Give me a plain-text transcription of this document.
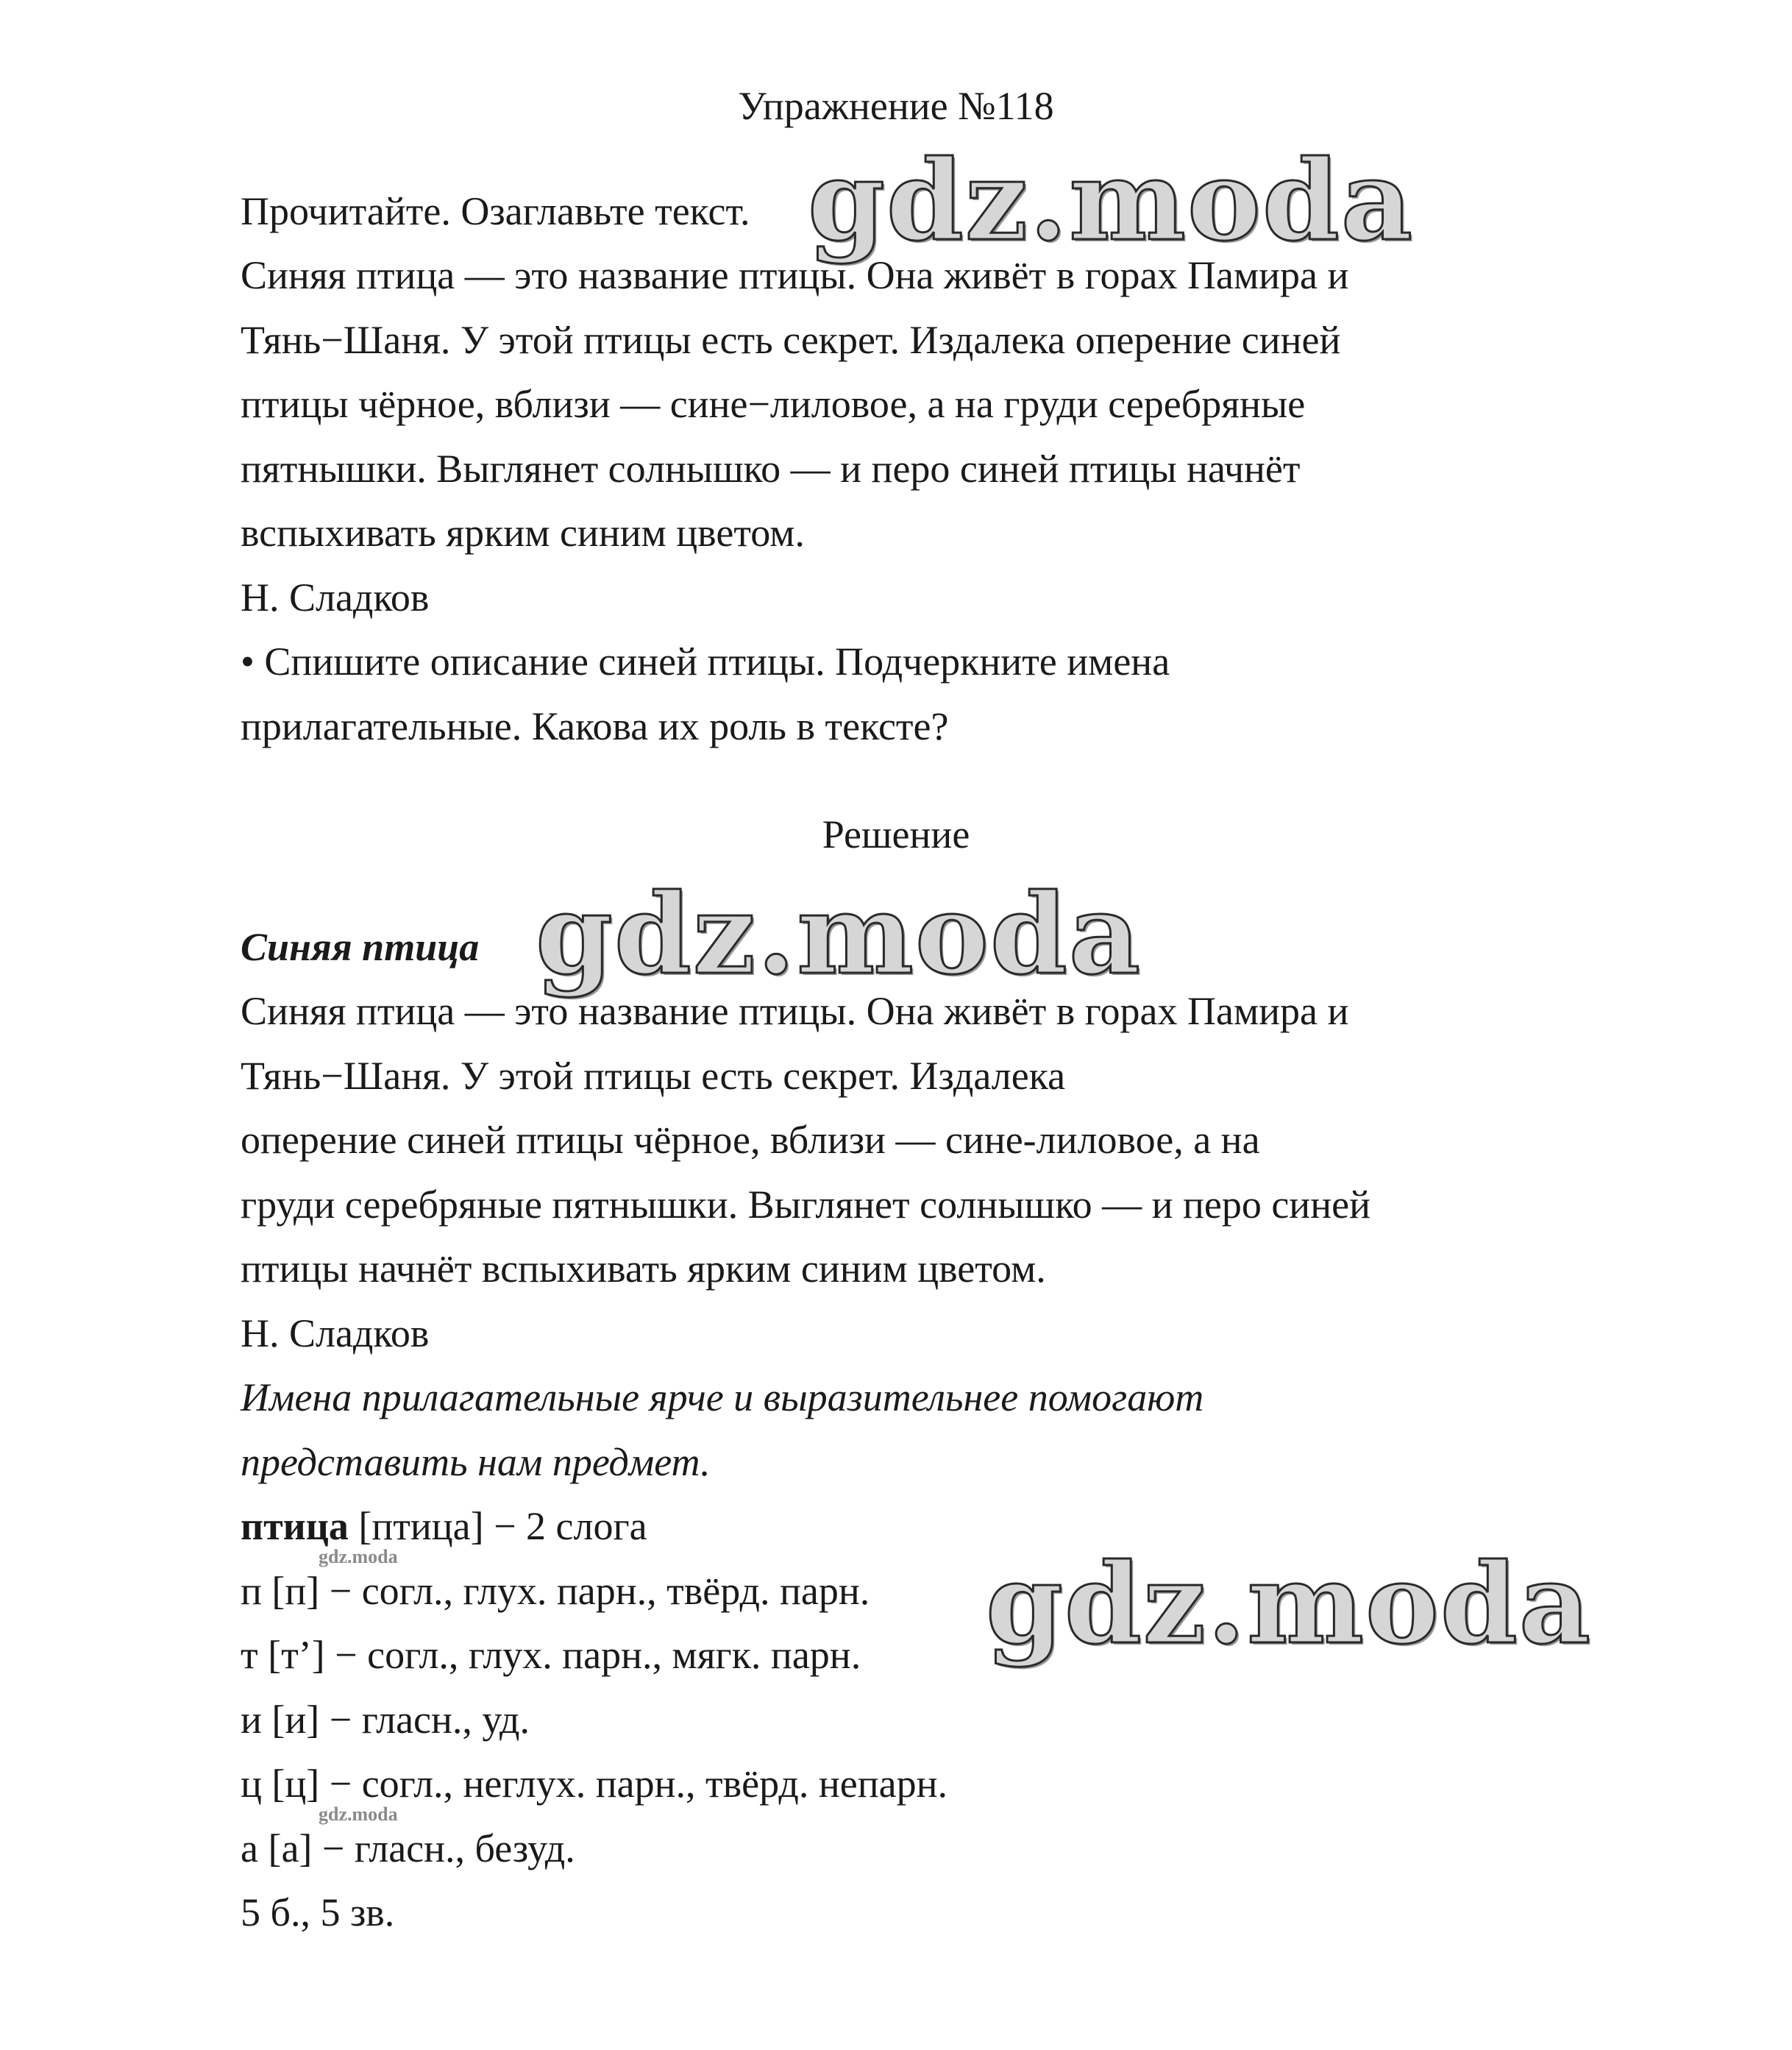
Упражнение №118
Прочитайте. Озаглавьте текст.
Синяя птица — это название птицы. Она живёт в горах Памира и
Тянь−Шаня. У этой птицы есть секрет. Издалека оперение синей
птицы чёрное, вблизи — сине−лиловое, а на груди серебряные
пятнышки. Выглянет солнышко — и перо синей птицы начнёт
вспыхивать ярким синим цветом.
Н. Сладков
• Спишите описание синей птицы. Подчеркните имена
прилагательные. Какова их роль в тексте?
Решение
Синяя птица
Синяя птица — это название птицы. Она живёт в горах Памира и
Тянь−Шаня. У этой птицы есть секрет. Издалека
оперение синей птицы чёрное, вблизи — сине-лиловое, а на
груди серебряные пятнышки. Выглянет солнышко — и перо синей
птицы начнёт вспыхивать ярким синим цветом.
Н. Сладков
Имена прилагательные ярче и выразительнее помогают
представить нам предмет.
птица [птица] − 2 слога
п [п] − согл., глух. парн., твёрд. парн.
т [т’] − согл., глух. парн., мягк. парн.
и [и] − гласн., уд.
ц [ц] − согл., неглух. парн., твёрд. непарн.
а [а] − гласн., безуд.
5 б., 5 зв.
gdz.moda
gdz.moda
gdz.moda
gdz.moda
gdz.moda
